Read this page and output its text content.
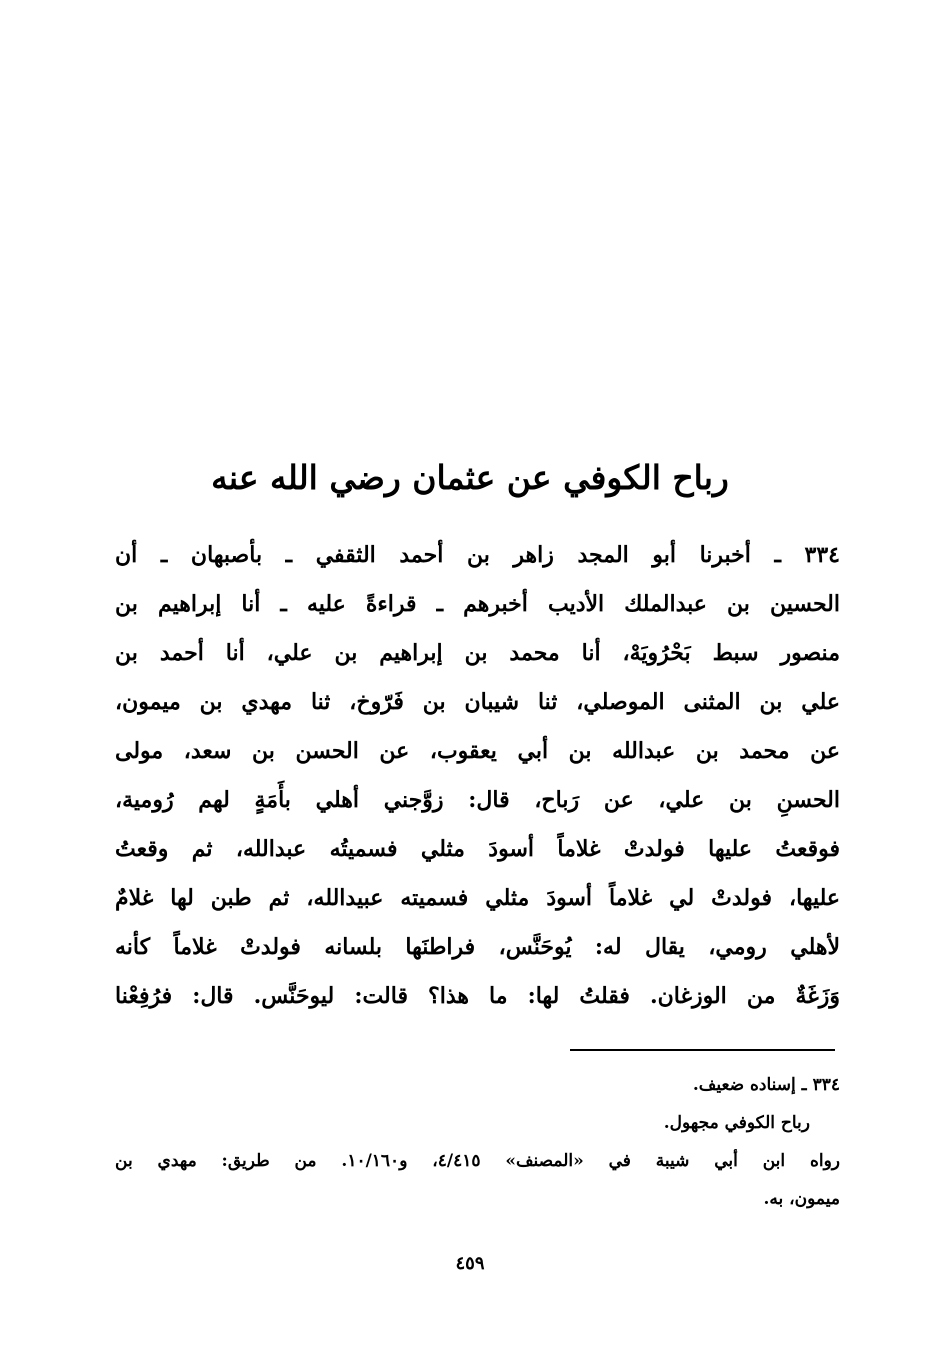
رباح الكوفي عن عثمان رضي الله عنه
٣٣٤ ـ أخبرنا أبو المجد زاهر بن أحمد الثقفي ـ بأصبهان ـ أن
الحسين بن عبدالملك الأديب أخبرهم ـ قراءةً عليه ـ أنا إبراهيم بن
منصور سبط بَحْرُويَهْ، أنا محمد بن إبراهيم بن علي، أنا أحمد بن
علي بن المثنى الموصلي، ثنا شيبان بن فَرّوخ، ثنا مهدي بن ميمون،
عن محمد بن عبدالله بن أبي يعقوب، عن الحسن بن سعد، مولى
الحسنِ بن علي، عن رَباح، قال: زوَّجني أهلي بأَمَةٍ لهم رُومية،
فوقعتُ عليها فولدتْ غلاماً أسودَ مثلي فسميتُه عبدالله، ثم وقعتُ
عليها، فولدتْ لي غلاماً أسودَ مثلي فسميته عبيدالله، ثم طبن لها غلامٌ
لأهلي رومي، يقال له: يُوحَنَّس، فراطنَها بلسانه فولدتْ غلاماً كأنه
وَزَغَةٌ من الوزغان. فقلتُ لها: ما هذا؟ قالت: ليوحَنَّس. قال: فرُفِعْنا
٣٣٤ ـ إسناده ضعيف.
رباح الكوفي مجهول.
رواه ابن أبي شيبة في «المصنف» ٤/٤١٥، و١٠/١٦٠. من طريق: مهدي بن
ميمون، به.
٤٥٩
